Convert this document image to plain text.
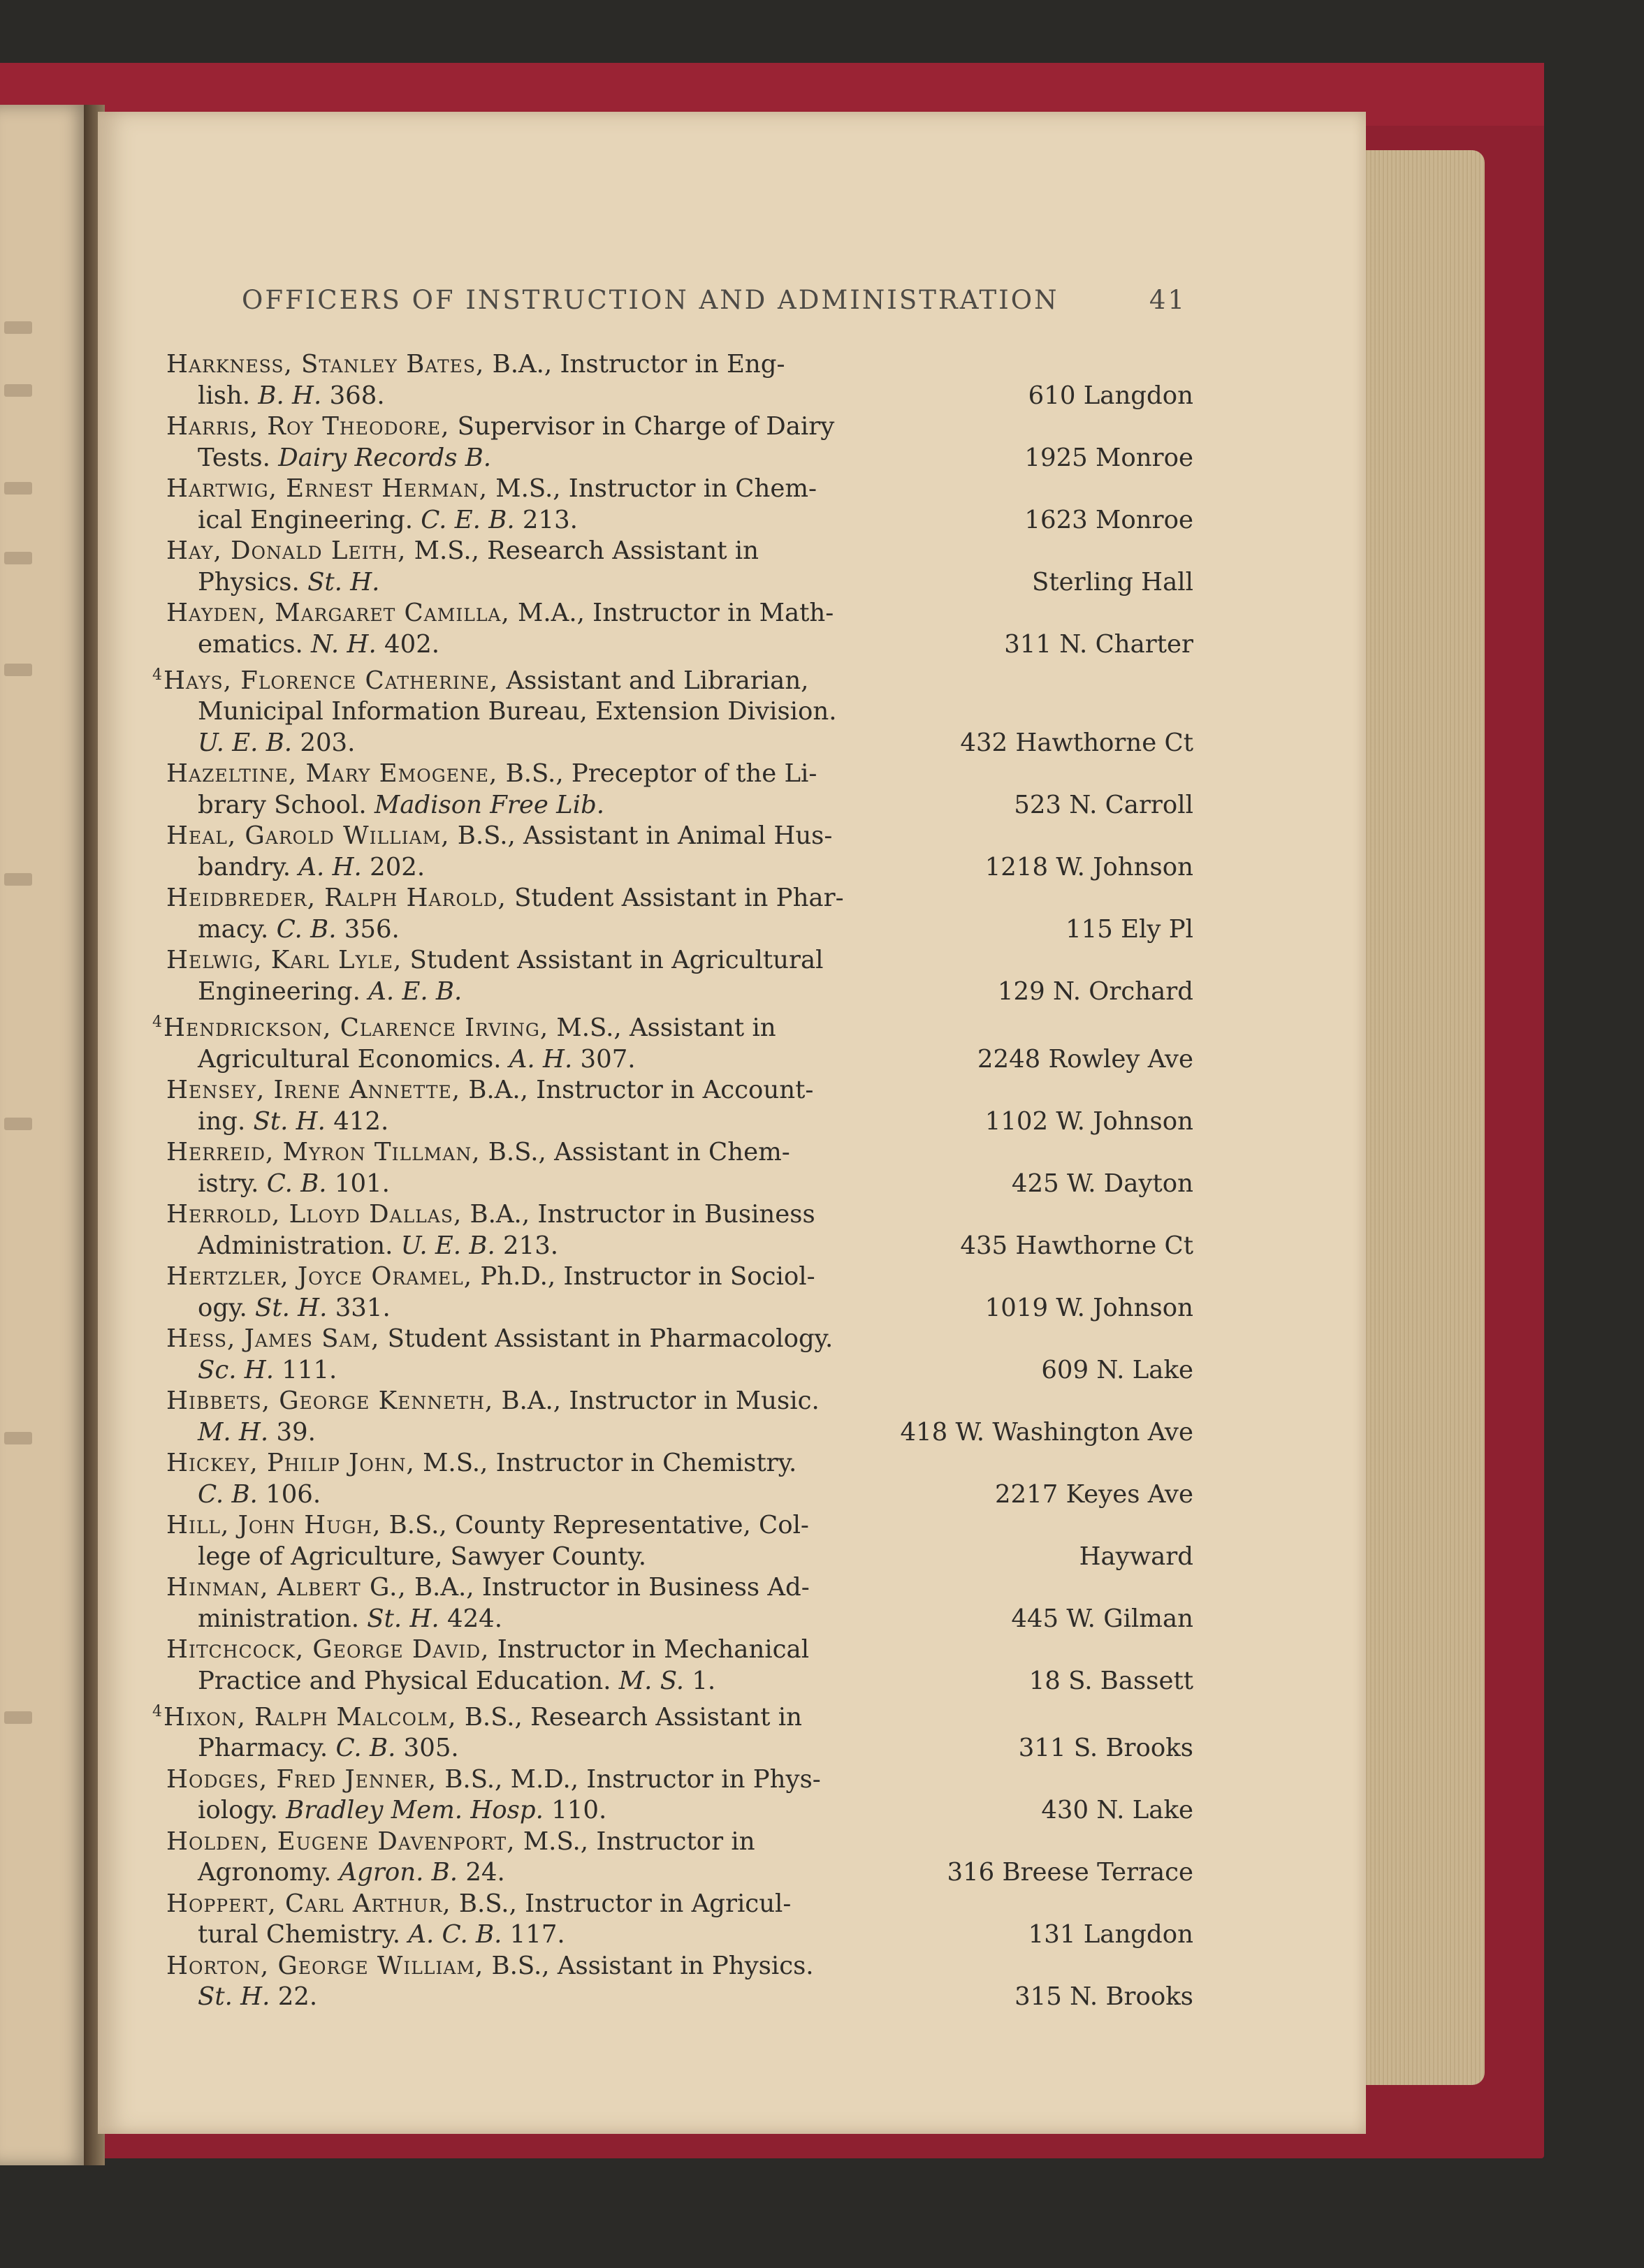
OFFICERS OF INSTRUCTION AND ADMINISTRATION	41
Harkness, Stanley Bates, B.A., Instructor in Eng-
lish. B. H. 368.	610 Langdon
Harris, Roy Theodore, Supervisor in Charge of Dairy
Tests. Dairy Records B.	1925 Monroe
Hartwig, Ernest Herman, M.S., Instructor in Chem-
ical Engineering. C. E. B. 213.	1623 Monroe
Hay, Donald Leith, M.S., Research Assistant in
Physics. St. H.	Sterling Hall
Hayden, Margaret Camilla, M.A., Instructor in Math-
ematics. N. H. 402.	311 N. Charter
$^4$Hays, Florence Catherine, Assistant and Librarian,
Municipal Information Bureau, Extension Division.
U. E. B. 203.	432 Hawthorne Ct
Hazeltine, Mary Emogene, B.S., Preceptor of the Li-
brary School. Madison Free Lib.	523 N. Carroll
Heal, Garold William, B.S., Assistant in Animal Hus-
bandry. A. H. 202.	1218 W. Johnson
Heidbreder, Ralph Harold, Student Assistant in Phar-
macy. C. B. 356.	115 Ely Pl
Helwig, Karl Lyle, Student Assistant in Agricultural
Engineering. A. E. B.	129 N. Orchard
$^4$Hendrickson, Clarence Irving, M.S., Assistant in
Agricultural Economics. A. H. 307.	2248 Rowley Ave
Hensey, Irene Annette, B.A., Instructor in Account-
ing. St. H. 412.	1102 W. Johnson
Herreid, Myron Tillman, B.S., Assistant in Chem-
istry. C. B. 101.	425 W. Dayton
Herrold, Lloyd Dallas, B.A., Instructor in Business
Administration. U. E. B. 213.	435 Hawthorne Ct
Hertzler, Joyce Oramel, Ph.D., Instructor in Sociol-
ogy. St. H. 331.	1019 W. Johnson
Hess, James Sam, Student Assistant in Pharmacology.
Sc. H. 111.	609 N. Lake
Hibbets, George Kenneth, B.A., Instructor in Music.
M. H. 39.	418 W. Washington Ave
Hickey, Philip John, M.S., Instructor in Chemistry.
C. B. 106.	2217 Keyes Ave
Hill, John Hugh, B.S., County Representative, Col-
lege of Agriculture, Sawyer County.	Hayward
Hinman, Albert G., B.A., Instructor in Business Ad-
ministration. St. H. 424.	445 W. Gilman
Hitchcock, George David, Instructor in Mechanical
Practice and Physical Education. M. S. 1.	18 S. Bassett
$^4$Hixon, Ralph Malcolm, B.S., Research Assistant in
Pharmacy. C. B. 305.	311 S. Brooks
Hodges, Fred Jenner, B.S., M.D., Instructor in Phys-
iology. Bradley Mem. Hosp. 110.	430 N. Lake
Holden, Eugene Davenport, M.S., Instructor in
Agronomy. Agron. B. 24.	316 Breese Terrace
Hoppert, Carl Arthur, B.S., Instructor in Agricul-
tural Chemistry. A. C. B. 117.	131 Langdon
Horton, George William, B.S., Assistant in Physics.
St. H. 22.	315 N. Brooks
